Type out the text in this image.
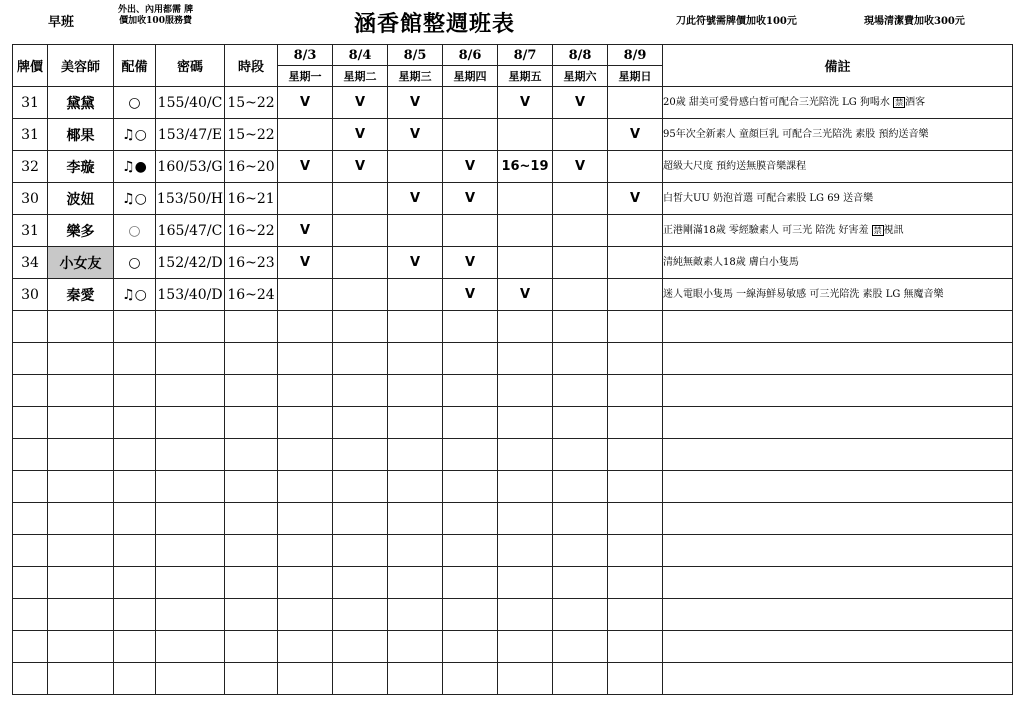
早班
外出、內用都需 牌
價加收100服務費	涵香館整週班表	刀此符號需牌價加收100元	現場清潔費加收300元
牌價	美容師	配備	密碼	時段	8/3	8/4	8/5	8/6	8/7	8/8	8/9	備註
					星期一	星期二	星期三	星期四	星期五	星期六	星期日	
31	黛黛	○	155/40/C	15~22	V	V	V		V	V		20歲 甜美可愛骨感白皙可配合三光陪洗 LG 狗喝水 禁 酒客
31	椰果	♫○	153/47/E	15~22		V	V				V	95年次全新素人 童顏巨乳 可配合三光陪洗 素股 預約送音樂
32	李璇	♫●	160/53/G	16~20	V	V		V	16~19	V		超級大尺度 預約送無膜音樂課程
30	波妞	♫○	153/50/H	16~21			V	V			V	白皙大UU 奶泡首選 可配合素股 LG 69 送音樂
31	樂多	○	165/47/C	16~22	V							正港剛滿18歲 零經驗素人 可三光 陪洗 好害羞 禁 視訊
34	小女友	○	152/42/D	16~23	V		V	V				清純無敵素人18歲 膚白小隻馬
30	秦愛	♫○	153/40/D	16~24				V	V			迷人電眼小隻馬 一線海鮮易敏感 可三光陪洗 素股 LG 無魔音樂
